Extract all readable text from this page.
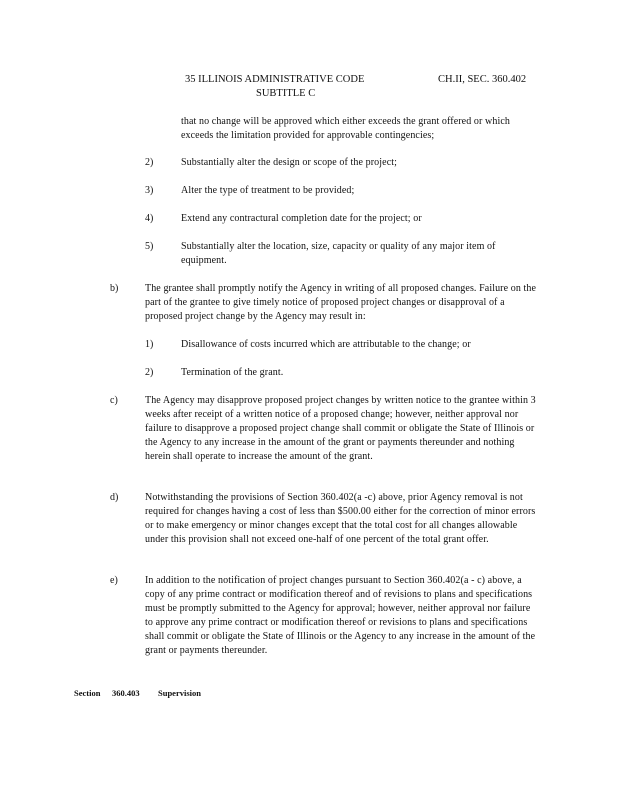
35 ILLINOIS ADMINISTRATIVE CODE	CH.II, SEC. 360.402
SUBTITLE C
that no change will be approved which either exceeds the grant offered or which exceeds the limitation provided for approvable contingencies;
2)	Substantially alter the design or scope of the project;
3)	Alter the type of treatment to be provided;
4)	Extend any contractural completion date for the project; or
5)	Substantially alter the location, size, capacity or quality of any major item of equipment.
b)	The grantee shall promptly notify the Agency in writing of all proposed changes. Failure on the part of the grantee to give timely notice of proposed project changes or disapproval of a proposed project change by the Agency may result in:
1)	Disallowance of costs incurred which are attributable to the change; or
2)	Termination of the grant.
c)	The Agency may disapprove proposed project changes by written notice to the grantee within 3 weeks after receipt of a written notice of a proposed change; however, neither approval nor failure to disapprove a proposed project change shall commit or obligate the State of Illinois or the Agency to any increase in the amount of the grant or payments thereunder and nothing herein shall operate to increase the amount of the grant.
d)	Notwithstanding the provisions of Section 360.402(a -c) above, prior Agency removal is not required for changes having a cost of less than $500.00 either for the correction of minor errors or to make emergency or minor changes except that the total cost for all changes allowable under this provision shall not exceed one-half of one percent of the total grant offer.
e)	In addition to the notification of project changes pursuant to Section 360.402(a - c) above, a copy of any prime contract or modification thereof and of revisions to plans and specifications must be promptly submitted to the Agency for approval; however, neither approval nor failure to approve any prime contract or modification thereof or revisions to plans and specifications shall commit or obligate the State of Illinois or the Agency to any increase in the amount of the grant or payments thereunder.
Section 360.403 Supervision
